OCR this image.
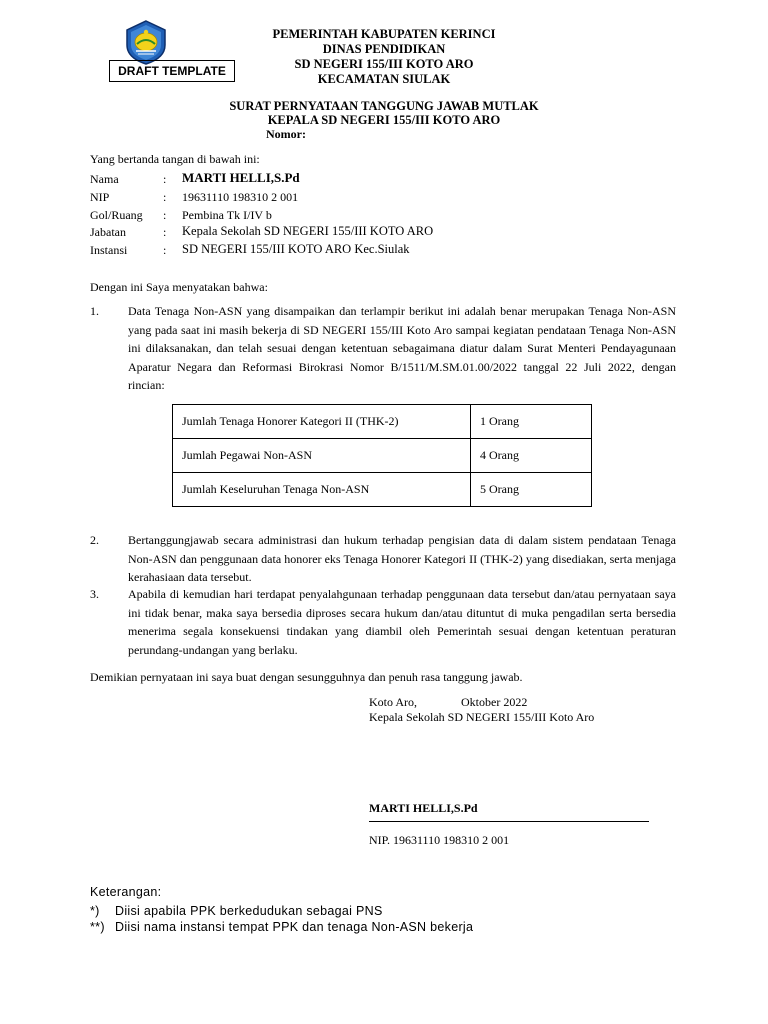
PEMERINTAH KABUPATEN KERINCI
DINAS PENDIDIKAN
SD NEGERI 155/III KOTO ARO
KECAMATAN SIULAK
DRAFT TEMPLATE
SURAT PERNYATAAN TANGGUNG JAWAB MUTLAK
KEPALA SD NEGERI 155/III KOTO ARO
Nomor:
Yang bertanda tangan di bawah ini:
Nama	: MARTI HELLI,S.Pd
NIP	: 19631110 198310 2 001
Gol/Ruang : Pembina Tk I/IV b
Jabatan	: Kepala Sekolah SD NEGERI 155/III KOTO ARO
Instansi	: SD NEGERI 155/III KOTO ARO Kec.Siulak
Dengan ini Saya menyatakan bahwa:
1. Data Tenaga Non-ASN yang disampaikan dan terlampir berikut ini adalah benar merupakan Tenaga Non-ASN yang pada saat ini masih bekerja di SD NEGERI 155/III Koto Aro sampai kegiatan pendataan Tenaga Non-ASN ini dilaksanakan, dan telah sesuai dengan ketentuan sebagaimana diatur dalam Surat Menteri Pendayagunaan Aparatur Negara dan Reformasi Birokrasi Nomor B/1511/M.SM.01.00/2022 tanggal 22 Juli 2022, dengan rincian:
Jumlah Tenaga Honorer Kategori II (THK-2)	1 Orang
Jumlah Pegawai Non-ASN	4 Orang
Jumlah Keseluruhan Tenaga Non-ASN	5 Orang
2. Bertanggungjawab secara administrasi dan hukum terhadap pengisian data di dalam sistem pendataan Tenaga Non-ASN dan penggunaan data honorer eks Tenaga Honorer Kategori II (THK-2) yang disediakan, serta menjaga kerahasiaan data tersebut.
3. Apabila di kemudian hari terdapat penyalahgunaan terhadap penggunaan data tersebut dan/atau pernyataan saya ini tidak benar, maka saya bersedia diproses secara hukum dan/atau dituntut di muka pengadilan serta bersedia menerima segala konsekuensi tindakan yang diambil oleh Pemerintah sesuai dengan ketentuan peraturan perundang-undangan yang berlaku.
Demikian pernyataan ini saya buat dengan sesungguhnya dan penuh rasa tanggung jawab.
Koto Aro,	Oktober 2022
Kepala Sekolah SD NEGERI 155/III Koto Aro
MARTI HELLI,S.Pd
NIP. 19631110 198310 2 001
Keterangan:
*) Diisi apabila PPK berkedudukan sebagai PNS
**) Diisi nama instansi tempat PPK dan tenaga Non-ASN bekerja
